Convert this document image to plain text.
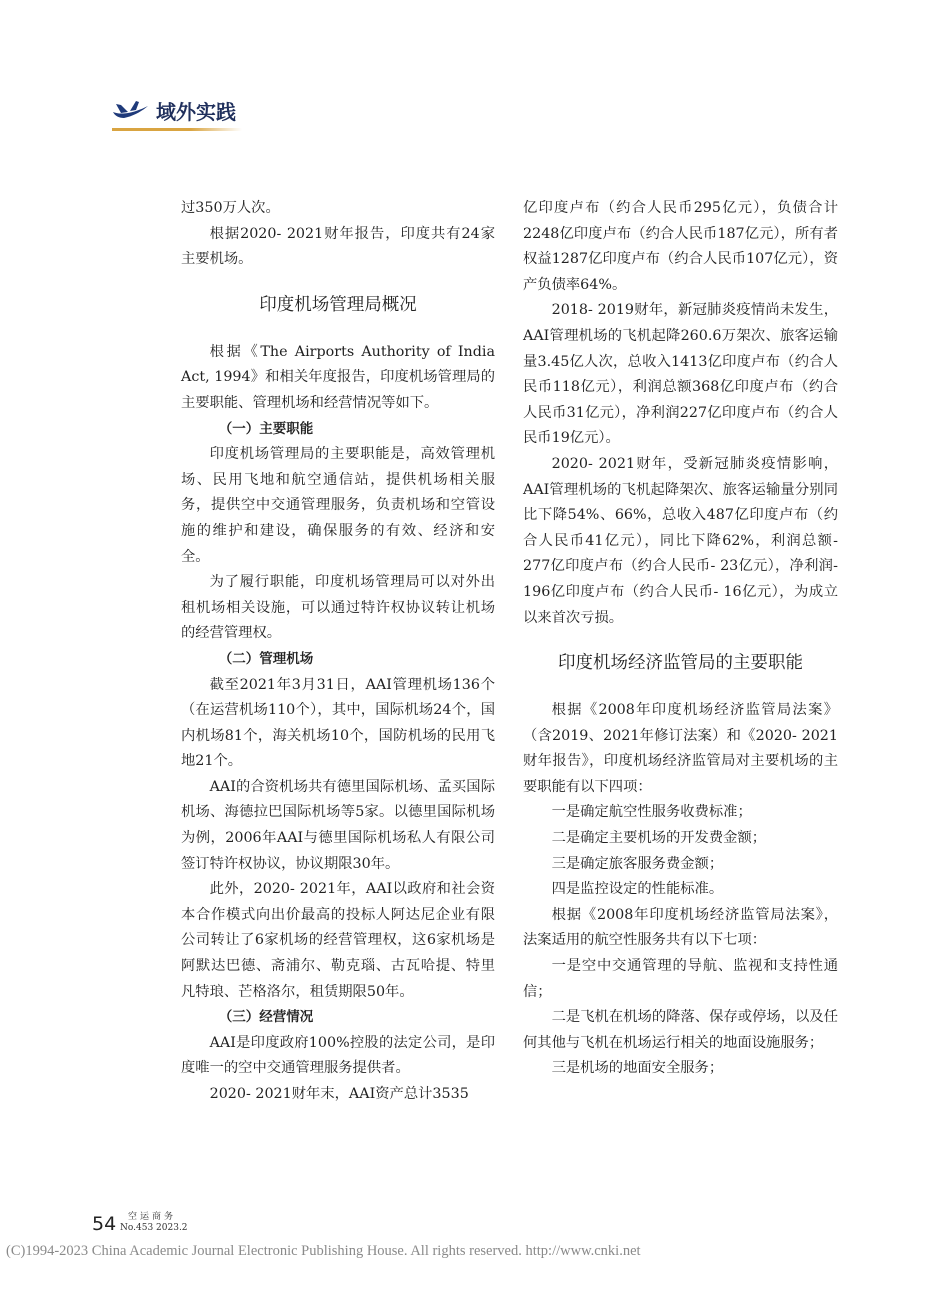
域外实践

过350万人次。

根据2020- 2021财年报告，印度共有24家主要机场。

印度机场管理局概况

根据《The Airports Authority of India Act, 1994》和相关年度报告，印度机场管理局的主要职能、管理机场和经营情况等如下。

（一）主要职能

印度机场管理局的主要职能是，高效管理机场、民用飞地和航空通信站，提供机场相关服务，提供空中交通管理服务，负责机场和空管设施的维护和建设，确保服务的有效、经济和安全。

为了履行职能，印度机场管理局可以对外出租机场相关设施，可以通过特许权协议转让机场的经营管理权。

（二）管理机场

截至2021年3月31日，AAI管理机场136个（在运营机场110个），其中，国际机场24个，国内机场81个，海关机场10个，国防机场的民用飞地21个。

AAI的合资机场共有德里国际机场、孟买国际机场、海德拉巴国际机场等5家。以德里国际机场为例，2006年AAI与德里国际机场私人有限公司签订特许权协议，协议期限30年。

此外，2020- 2021年，AAI以政府和社会资本合作模式向出价最高的投标人阿达尼企业有限公司转让了6家机场的经营管理权，这6家机场是阿默达巴德、斋浦尔、勒克瑙、古瓦哈提、特里凡特琅、芒格洛尔，租赁期限50年。

（三）经营情况

AAI是印度政府100%控股的法定公司，是印度唯一的空中交通管理服务提供者。

2020- 2021财年末，AAI资产总计3535

亿印度卢布（约合人民币295亿元），负债合计2248亿印度卢布（约合人民币187亿元），所有者权益1287亿印度卢布（约合人民币107亿元），资产负债率64%。

2018- 2019财年，新冠肺炎疫情尚未发生，AAI管理机场的飞机起降260.6万架次、旅客运输量3.45亿人次，总收入1413亿印度卢布（约合人民币118亿元），利润总额368亿印度卢布（约合人民币31亿元），净利润227亿印度卢布（约合人民币19亿元）。

2020- 2021财年，受新冠肺炎疫情影响，AAI管理机场的飞机起降架次、旅客运输量分别同比下降54%、66%，总收入487亿印度卢布（约合人民币41亿元），同比下降62%，利润总额- 277亿印度卢布（约合人民币- 23亿元），净利润- 196亿印度卢布（约合人民币- 16亿元），为成立以来首次亏损。

印度机场经济监管局的主要职能

根据《2008年印度机场经济监管局法案》（含2019、2021年修订法案）和《2020- 2021财年报告》，印度机场经济监管局对主要机场的主要职能有以下四项：

一是确定航空性服务收费标准；

二是确定主要机场的开发费金额；

三是确定旅客服务费金额；

四是监控设定的性能标准。

根据《2008年印度机场经济监管局法案》，法案适用的航空性服务共有以下七项：

一是空中交通管理的导航、监视和支持性通信；

二是飞机在机场的降落、保存或停场，以及任何其他与飞机在机场运行相关的地面设施服务；

三是机场的地面安全服务；

54	空运商务
No.453 2023.2
(C)1994-2023 China Academic Journal Electronic Publishing House. All rights reserved. http://www.cnki.net
